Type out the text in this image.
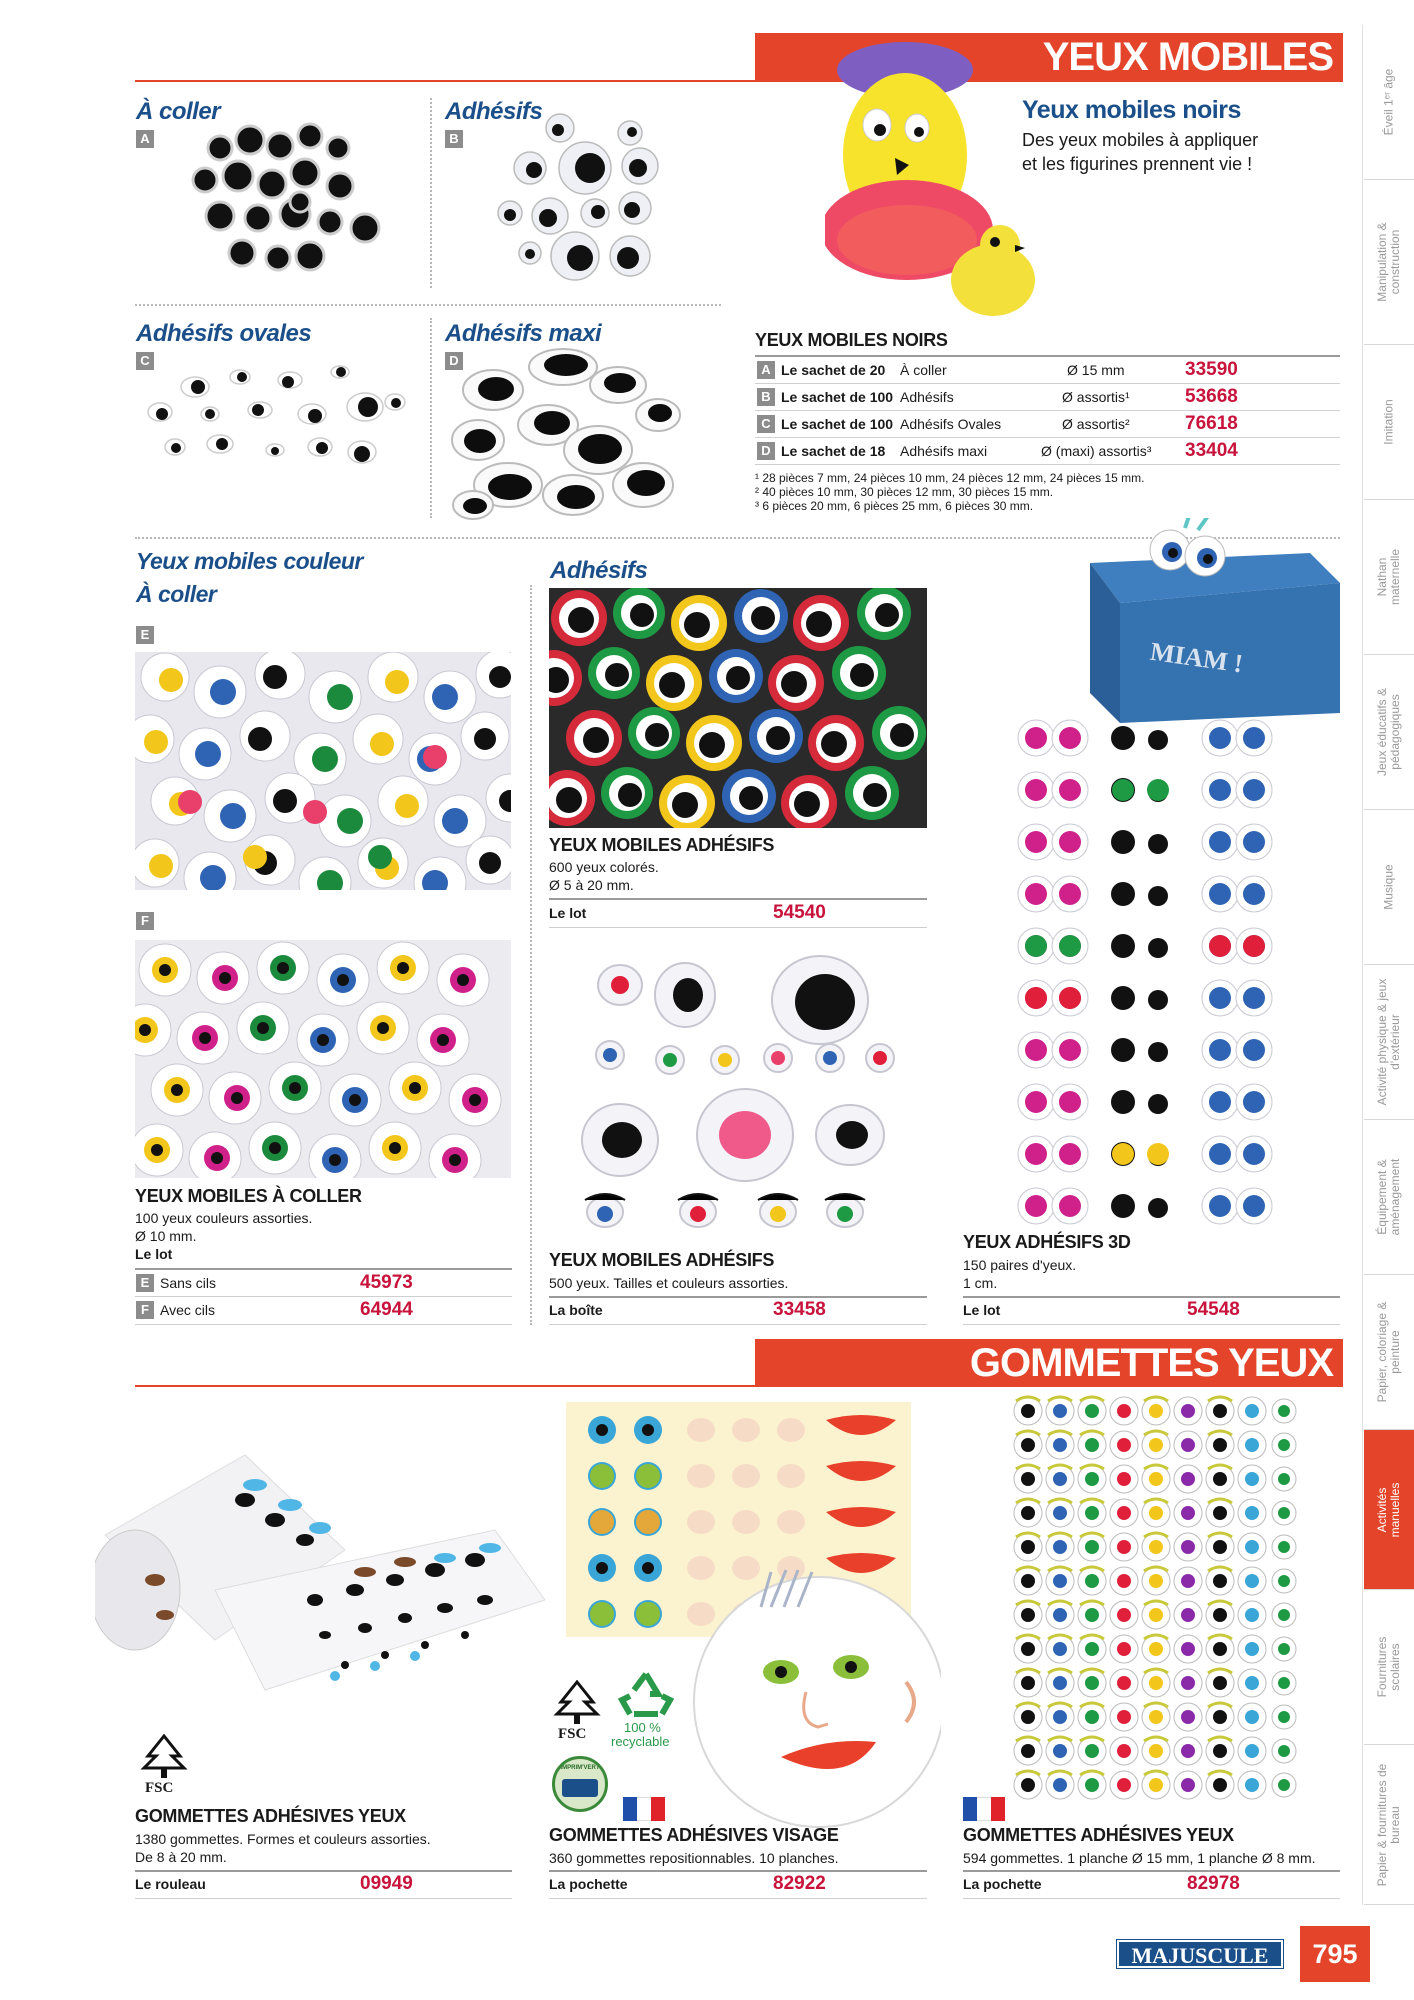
YEUX MOBILES
À coller
A
Adhésifs
B
Adhésifs ovales
C
Adhésifs maxi
D
Yeux mobiles noirs
Des yeux mobiles à appliquer
et les figurines prennent vie !
YEUX MOBILES NOIRS
A Le sachet de 20 À coller	Ø 15 mm	33590
B Le sachet de 100 Adhésifs	Ø assortis¹	53668
C Le sachet de 100 Adhésifs Ovales	Ø assortis²	76618
D Le sachet de 18 Adhésifs maxi	Ø (maxi) assortis³ 33404
¹ 28 pièces 7 mm, 24 pièces 10 mm, 24 pièces 12 mm, 24 pièces 15 mm.
² 40 pièces 10 mm, 30 pièces 12 mm, 30 pièces 15 mm.
³ 6 pièces 20 mm, 6 pièces 25 mm, 6 pièces 30 mm.
Yeux mobiles couleur
À coller
E
F
YEUX MOBILES À COLLER
100 yeux couleurs assorties.
Ø 10 mm.
Le lot
E Sans cils	45973
F Avec cils	64944
Adhésifs
YEUX MOBILES ADHÉSIFS
600 yeux colorés.
Ø 5 à 20 mm.
Le lot	54540
YEUX MOBILES ADHÉSIFS
500 yeux. Tailles et couleurs assorties.
La boîte	33458
MIAM !
YEUX ADHÉSIFS 3D
150 paires d'yeux.
1 cm.
Le lot	54548
GOMMETTES YEUX
FSC
GOMMETTES ADHÉSIVES YEUX
1380 gommettes. Formes et couleurs assorties.
De 8 à 20 mm.
Le rouleau	09949
FSC	100 %
recyclable
IMPRIM'VERT
GOMMETTES ADHÉSIVES VISAGE
360 gommettes repositionnables. 10 planches.
La pochette	82922
GOMMETTES ADHÉSIVES YEUX
594 gommettes. 1 planche Ø 15 mm, 1 planche Ø 8 mm.
La pochette	82978
Éveil 1ᵉʳ âge
Manipulation & construction
Imitation
Nathan maternelle
Jeux éducatifs & pédagogiques
Musique
Activité physique & jeux d'extérieur
Équipement & aménagement
Papier, coloriage & peinture
Activités manuelles
Fournitures scolaires
Papier & fournitures de bureau
MAJUSCULE	795
